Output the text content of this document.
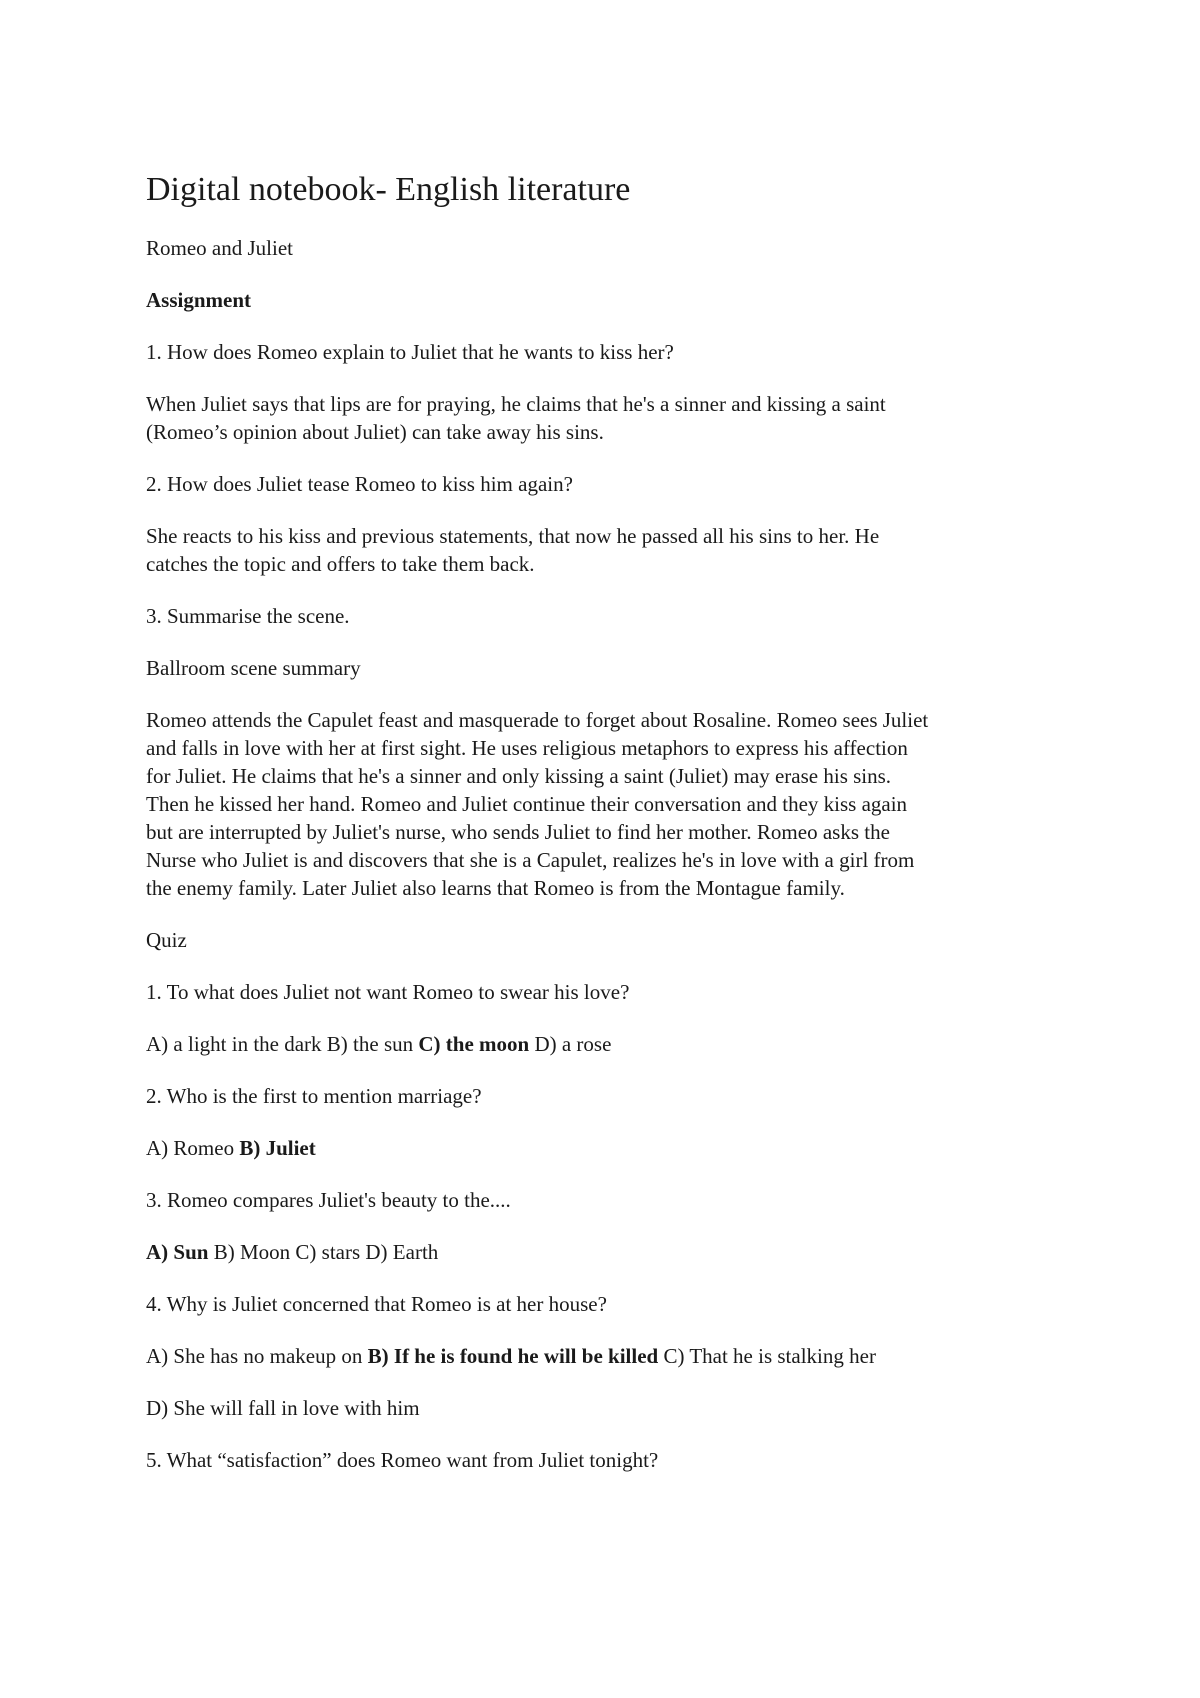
Digital notebook- English literature

Romeo and Juliet

Assignment

1. How does Romeo explain to Juliet that he wants to kiss her?

When Juliet says that lips are for praying, he claims that he's a sinner and kissing a saint
(Romeo’s opinion about Juliet) can take away his sins.

2. How does Juliet tease Romeo to kiss him again?

She reacts to his kiss and previous statements, that now he passed all his sins to her. He
catches the topic and offers to take them back.

3. Summarise the scene.

Ballroom scene summary

Romeo attends the Capulet feast and masquerade to forget about Rosaline. Romeo sees Juliet
and falls in love with her at first sight. He uses religious metaphors to express his affection
for Juliet. He claims that he's a sinner and only kissing a saint (Juliet) may erase his sins.
Then he kissed her hand. Romeo and Juliet continue their conversation and they kiss again
but are interrupted by Juliet's nurse, who sends Juliet to find her mother. Romeo asks the
Nurse who Juliet is and discovers that she is a Capulet, realizes he's in love with a girl from
the enemy family. Later Juliet also learns that Romeo is from the Montague family.

Quiz

1. To what does Juliet not want Romeo to swear his love?

A) a light in the dark B) the sun C) the moon D) a rose

2. Who is the first to mention marriage?

A) Romeo B) Juliet

3. Romeo compares Juliet's beauty to the....

A) Sun B) Moon C) stars D) Earth

4. Why is Juliet concerned that Romeo is at her house?

A) She has no makeup on B) If he is found he will be killed C) That he is stalking her

D) She will fall in love with him

5. What “satisfaction” does Romeo want from Juliet tonight?
